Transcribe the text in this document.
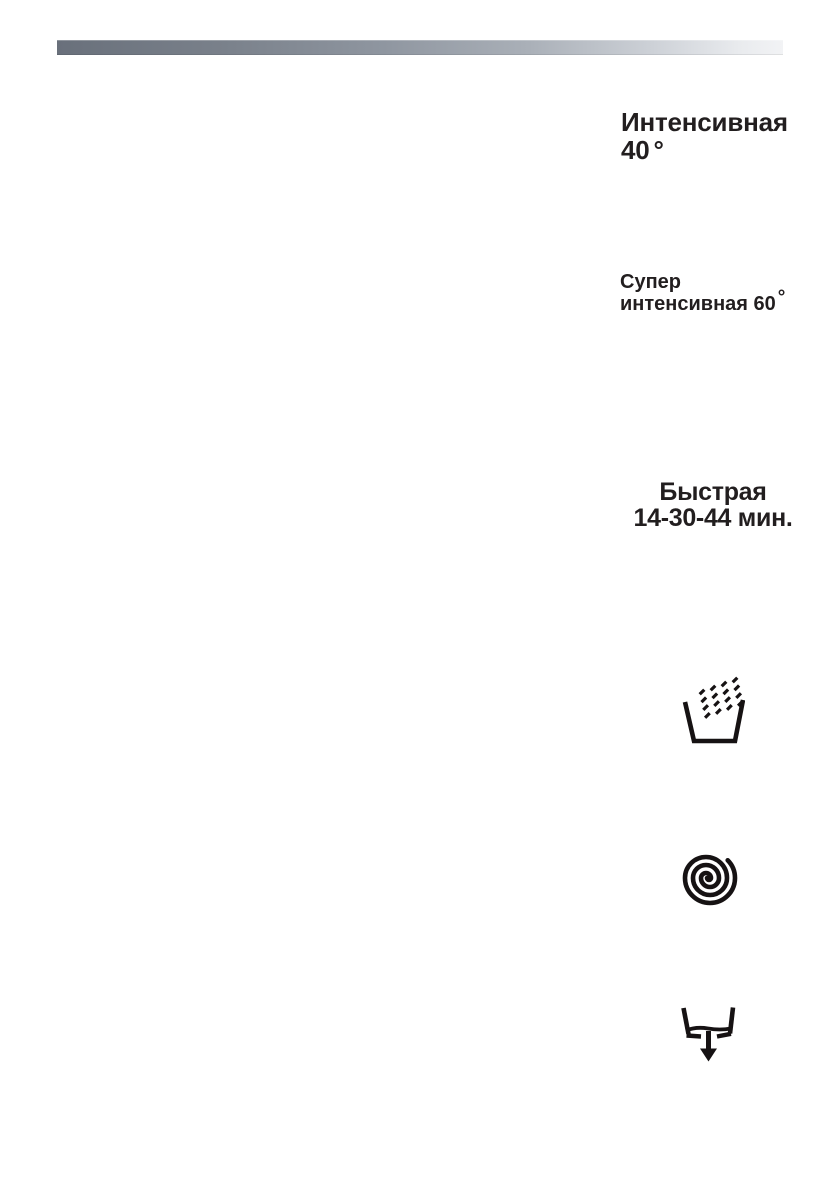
Интенсивная
40 °
Супер
интенсивная 60 °
Быстрая
14-30-44 мин.
